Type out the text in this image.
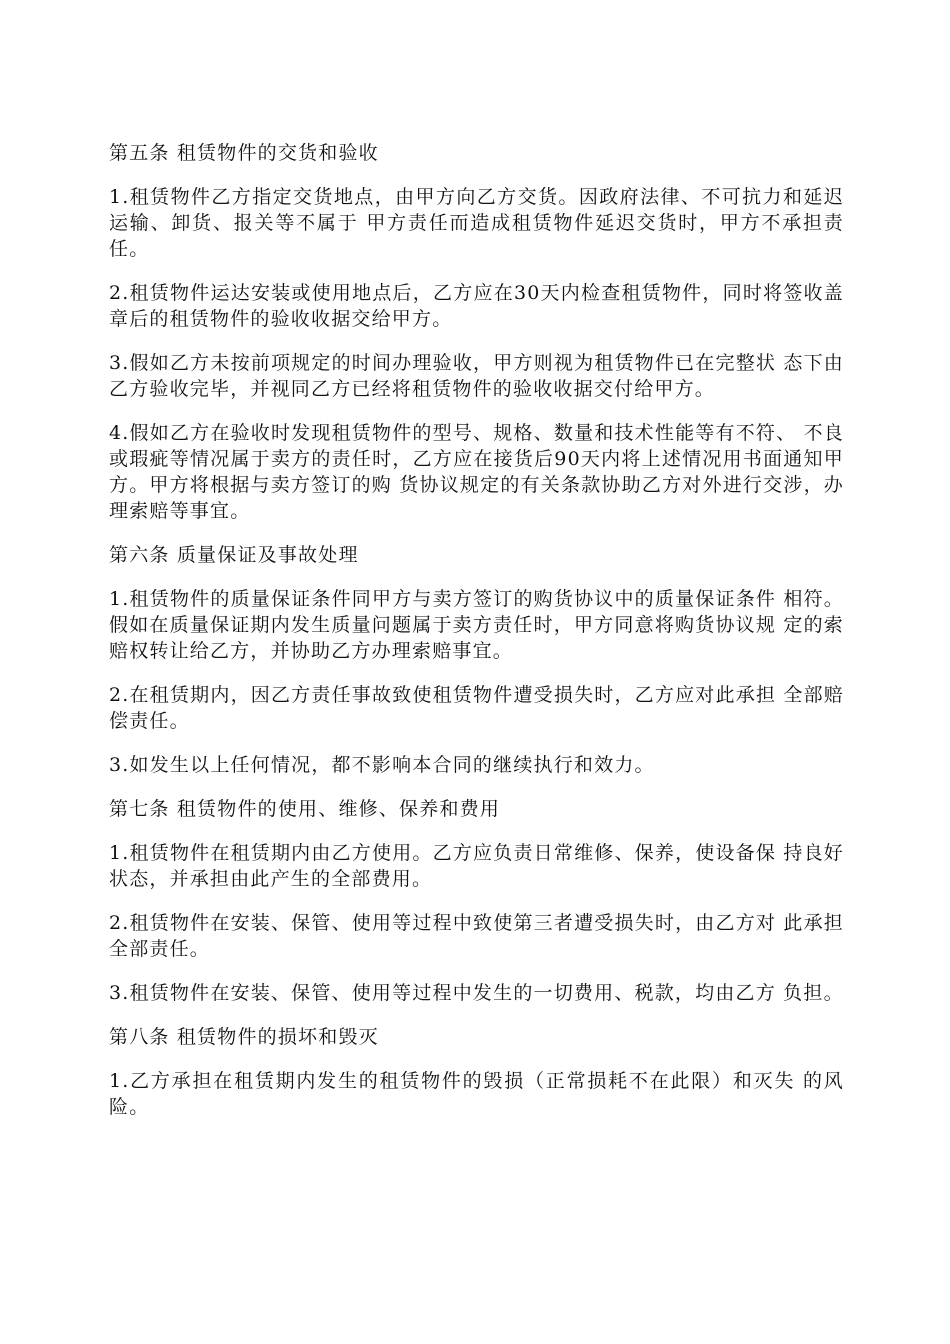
第五条 租赁物件的交货和验收

1.租赁物件乙方指定交货地点，由甲方向乙方交货。因政府法律、不可抗力和延迟运输、卸货、报关等不属于 甲方责任而造成租赁物件延迟交货时，甲方不承担责任。

2.租赁物件运达安装或使用地点后，乙方应在30天内检查租赁物件，同时将签收盖章后的租赁物件的验收收据交给甲方。

3.假如乙方未按前项规定的时间办理验收，甲方则视为租赁物件已在完整状 态下由乙方验收完毕，并视同乙方已经将租赁物件的验收收据交付给甲方。

4.假如乙方在验收时发现租赁物件的型号、规格、数量和技术性能等有不符、 不良或瑕疵等情况属于卖方的责任时，乙方应在接货后90天内将上述情况用书面通知甲方。甲方将根据与卖方签订的购 货协议规定的有关条款协助乙方对外进行交涉，办理索赔等事宜。

第六条 质量保证及事故处理

1.租赁物件的质量保证条件同甲方与卖方签订的购货协议中的质量保证条件 相符。假如在质量保证期内发生质量问题属于卖方责任时，甲方同意将购货协议规 定的索赔权转让给乙方，并协助乙方办理索赔事宜。

2.在租赁期内，因乙方责任事故致使租赁物件遭受损失时，乙方应对此承担 全部赔偿责任。

3.如发生以上任何情况，都不影响本合同的继续执行和效力。

第七条 租赁物件的使用、维修、保养和费用

1.租赁物件在租赁期内由乙方使用。乙方应负责日常维修、保养，使设备保 持良好状态，并承担由此产生的全部费用。

2.租赁物件在安装、保管、使用等过程中致使第三者遭受损失时，由乙方对 此承担全部责任。

3.租赁物件在安装、保管、使用等过程中发生的一切费用、税款，均由乙方 负担。

第八条 租赁物件的损坏和毁灭

1.乙方承担在租赁期内发生的租赁物件的毁损（正常损耗不在此限）和灭失 的风险。
